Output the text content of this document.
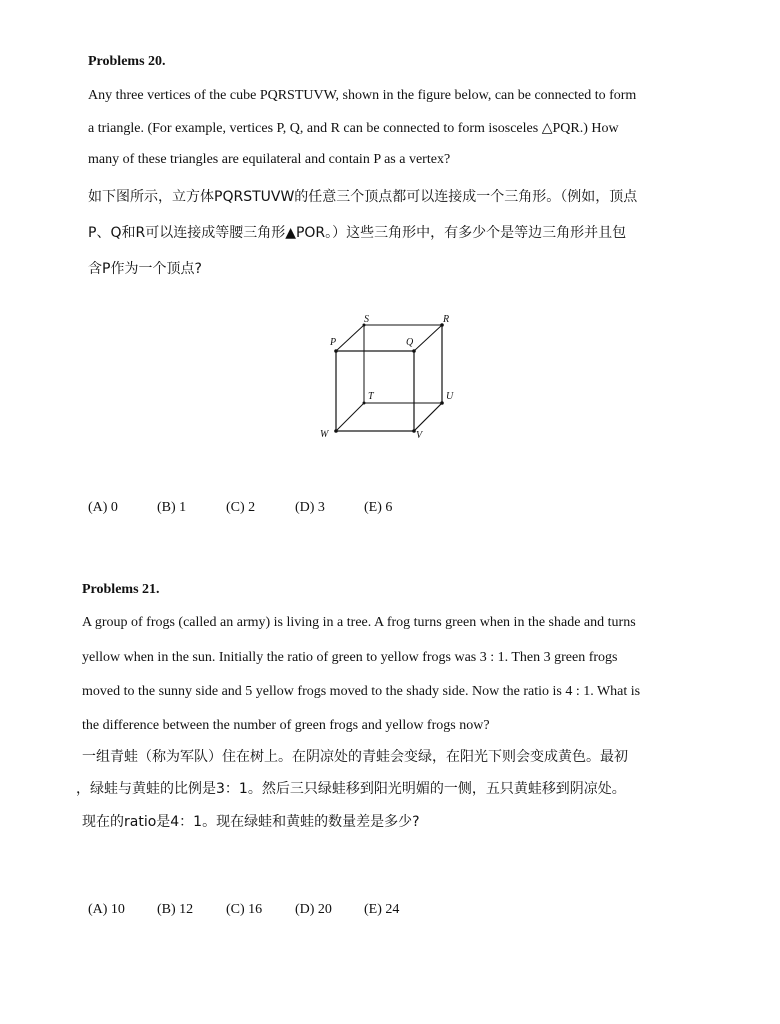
Problems 20.
Any three vertices of the cube PQRSTUVW, shown in the figure below, can be connected to form
a triangle. (For example, vertices P, Q, and R can be connected to form isosceles △PQR.) How
many of these triangles are equilateral and contain P as a vertex?
如下图所示，立方体PQRSTUVW的任意三个顶点都可以连接成一个三角形。（例如，顶点
P、Q和R可以连接成等腰三角形▲POR。）这些三角形中，有多少个是等边三角形并且包
含P作为一个顶点?
S	R
P	Q
T	U
W	V
(A) 0	(B) 1	(C) 2	(D) 3	(E) 6
Problems 21.
A group of frogs (called an army) is living in a tree. A frog turns green when in the shade and turns
yellow when in the sun. Initially the ratio of green to yellow frogs was 3 : 1. Then 3 green frogs
moved to the sunny side and 5 yellow frogs moved to the shady side. Now the ratio is 4 : 1. What is
the difference between the number of green frogs and yellow frogs now?
一组青蛙（称为军队）住在树上。在阴凉处的青蛙会变绿，在阳光下则会变成黄色。最初
，绿蛙与黄蛙的比例是3：1。然后三只绿蛙移到阳光明媚的一侧，五只黄蛙移到阴凉处。
现在的ratio是4：1。现在绿蛙和黄蛙的数量差是多少?
(A) 10 (B) 12 (C) 16 (D) 20 (E) 24
